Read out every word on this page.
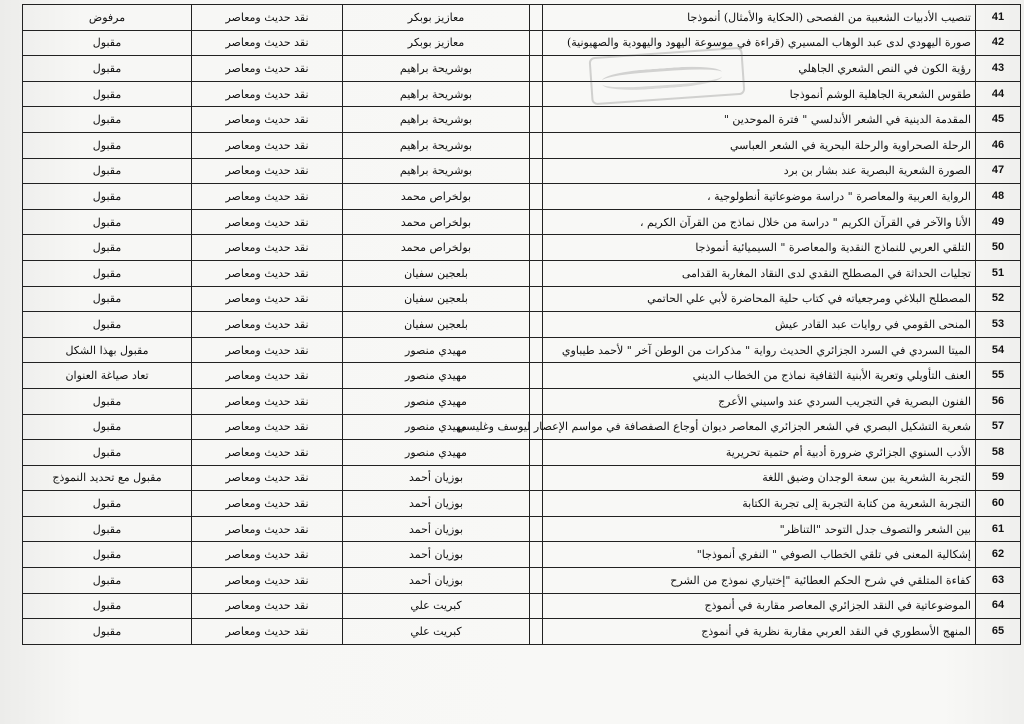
مرفوض	نقد حديث ومعاصر	معازيز بوبكر		تنصيب الأدبيات الشعبية من الفصحى (الحكاية والأمثال) أنموذجا	41
مقبول	نقد حديث ومعاصر	معازيز بوبكر		صورة اليهودي لدى عبد الوهاب المسيري (قراءة في موسوعة اليهود واليهودية والصهيونية)	42
مقبول	نقد حديث ومعاصر	بوشريحة براهيم		رؤية الكون في النص الشعري الجاهلي	43
مقبول	نقد حديث ومعاصر	بوشريحة براهيم		طقوس الشعرية الجاهلية الوشم أنموذجا	44
مقبول	نقد حديث ومعاصر	بوشريحة براهيم		المقدمة الدينية في الشعر الأندلسي " فترة الموحدين "	45
مقبول	نقد حديث ومعاصر	بوشريحة براهيم		الرحلة الصحراوية والرحلة البحرية في الشعر العباسي	46
مقبول	نقد حديث ومعاصر	بوشريحة براهيم		الصورة الشعرية البصرية عند بشار بن برد	47
مقبول	نقد حديث ومعاصر	بولخراص محمد		الرواية العربية والمعاصرة " دراسة موضوعاتية أنطولوجية ،	48
مقبول	نقد حديث ومعاصر	بولخراص محمد		الأنا والآخر في القرآن الكريم " دراسة من خلال نماذج من القرآن الكريم ،	49
مقبول	نقد حديث ومعاصر	بولخراص محمد		التلقي العربي للنماذج النقدية والمعاصرة " السيميائية أنموذجا	50
مقبول	نقد حديث ومعاصر	بلعجين سفيان		تجليات الحداثة في المصطلح النقدي لدى النقاد المغاربة القدامى	51
مقبول	نقد حديث ومعاصر	بلعجين سفيان		المصطلح البلاغي ومرجعياته في كتاب حلية المحاضرة لأبي علي الحاتمي	52
مقبول	نقد حديث ومعاصر	بلعجين سفيان		المنحى القومي في روايات عبد القادر عيش	53
مقبول بهذا الشكل	نقد حديث ومعاصر	مهيدي منصور		الميتا السردي في السرد الجزائري الحديث رواية " مذكرات من الوطن آخر " لأحمد طيباوي	54
تعاد صياغة العنوان	نقد حديث ومعاصر	مهيدي منصور		العنف التأويلي وتعرية الأبنية الثقافية نماذج من الخطاب الديني	55
مقبول	نقد حديث ومعاصر	مهيدي منصور		الفنون البصرية في التجريب السردي عند واسيني الأعرج	56
مقبول	نقد حديث ومعاصر	مهيدي منصور		شعرية التشكيل البصري في الشعر الجزائري المعاصر ديوان أوجاع الصفصافة في مواسم الإعصار ليوسف وغليسي	57
مقبول	نقد حديث ومعاصر	مهيدي منصور		الأدب السنوي الجزائري ضرورة أدبية أم حتمية تحريرية	58
مقبول مع تحديد النموذج	نقد حديث ومعاصر	بوزيان أحمد		التجربة الشعرية بين سعة الوجدان وضيق اللغة	59
مقبول	نقد حديث ومعاصر	بوزيان أحمد		التجربة الشعرية من كتابة التجربة إلى تجربة الكتابة	60
مقبول	نقد حديث ومعاصر	بوزيان أحمد		بين الشعر والتصوف جدل التوحد "التناظر"	61
مقبول	نقد حديث ومعاصر	بوزيان أحمد		إشكالية المعنى في تلقي الخطاب الصوفي " النفري أنموذجا"	62
مقبول	نقد حديث ومعاصر	بوزيان أحمد		كفاءة المتلقي في شرح الحكم العطائية "إختياري نموذج من الشرح	63
مقبول	نقد حديث ومعاصر	كبريت علي		الموضوعاتية في النقد الجزائري المعاصر مقاربة في أنموذج	64
مقبول	نقد حديث ومعاصر	كبريت علي		المنهج الأسطوري في النقد العربي مقاربة نظرية في أنموذج	65
